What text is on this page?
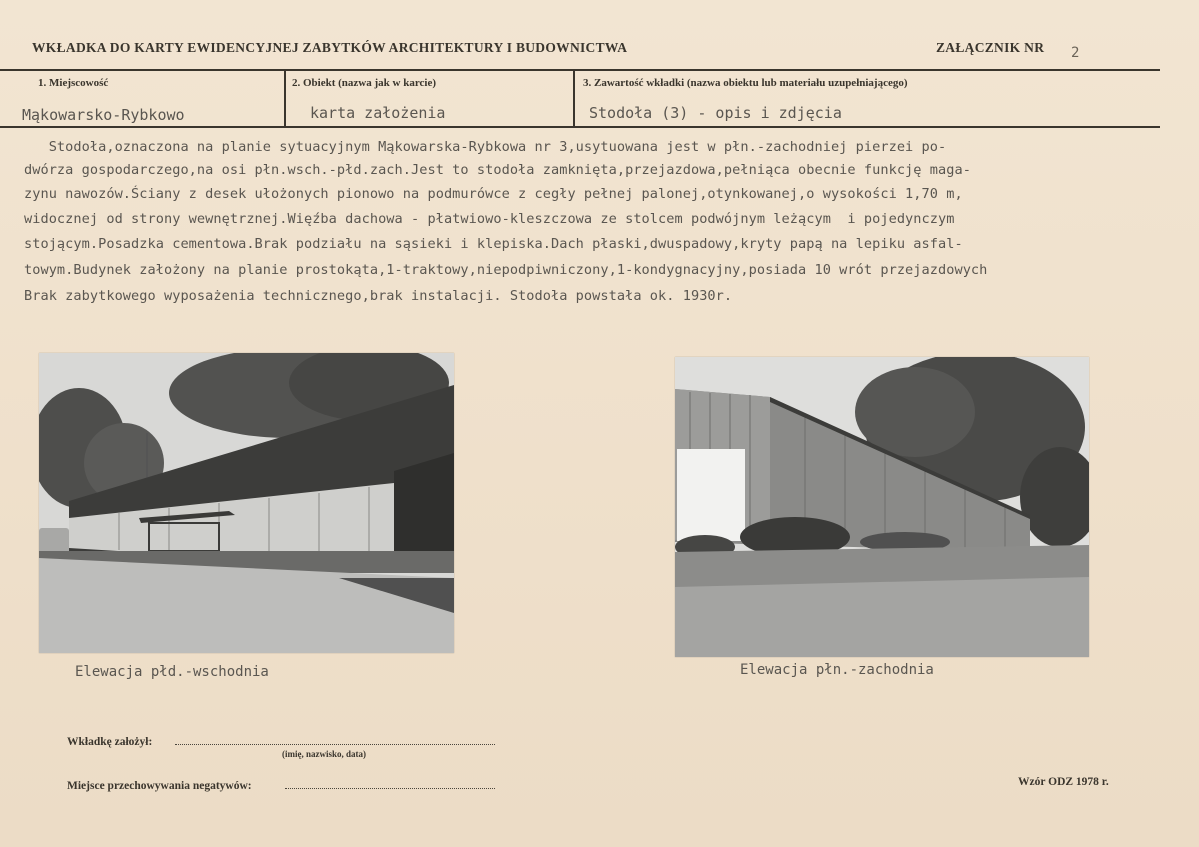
WKŁADKA DO KARTY EWIDENCYJNEJ ZABYTKÓW ARCHITEKTURY I BUDOWNICTWA	ZAŁĄCZNIK NR 2
1. Miejscowość	2. Obiekt (nazwa jak w karcie)	3. Zawartość wkładki (nazwa obiektu lub materiału uzupełniającego)
Mąkowarsko-Rybkowo	karta założenia	Stodoła (3) - opis i zdjęcia
Stodoła,oznaczona na planie sytuacyjnym Mąkowarska-Rybkowa nr 3,usytuowana jest w płn.-zachodniej pierzei po-
dwórza gospodarczego,na osi płn.wsch.-płd.zach.Jest to stodoła zamknięta,przejazdowa,pełniąca obecnie funkcję maga-
zynu nawozów.Ściany z desek ułożonych pionowo na podmurówce z cegły pełnej palonej,otynkowanej,o wysokości 1,70 m,
widocznej od strony wewnętrznej.Więźba dachowa - płatwiowo-kleszczowa ze stolcem podwójnym leżącym  i pojedynczym
stojącym.Posadzka cementowa.Brak podziału na sąsieki i klepiska.Dach płaski,dwuspadowy,kryty papą na lepiku asfal-
towym.Budynek założony na planie prostokąta,1-traktowy,niepodpiwniczony,1-kondygnacyjny,posiada 10 wrót przejazdowych
Brak zabytkowego wyposażenia technicznego,brak instalacji. Stodoła powstała ok. 1930r.
Elewacja płd.-wschodnia	Elewacja płn.-zachodnia
Wkładkę założył:
(imię, nazwisko, data)
Miejsce przechowywania negatywów:	Wzór ODZ 1978 r.
